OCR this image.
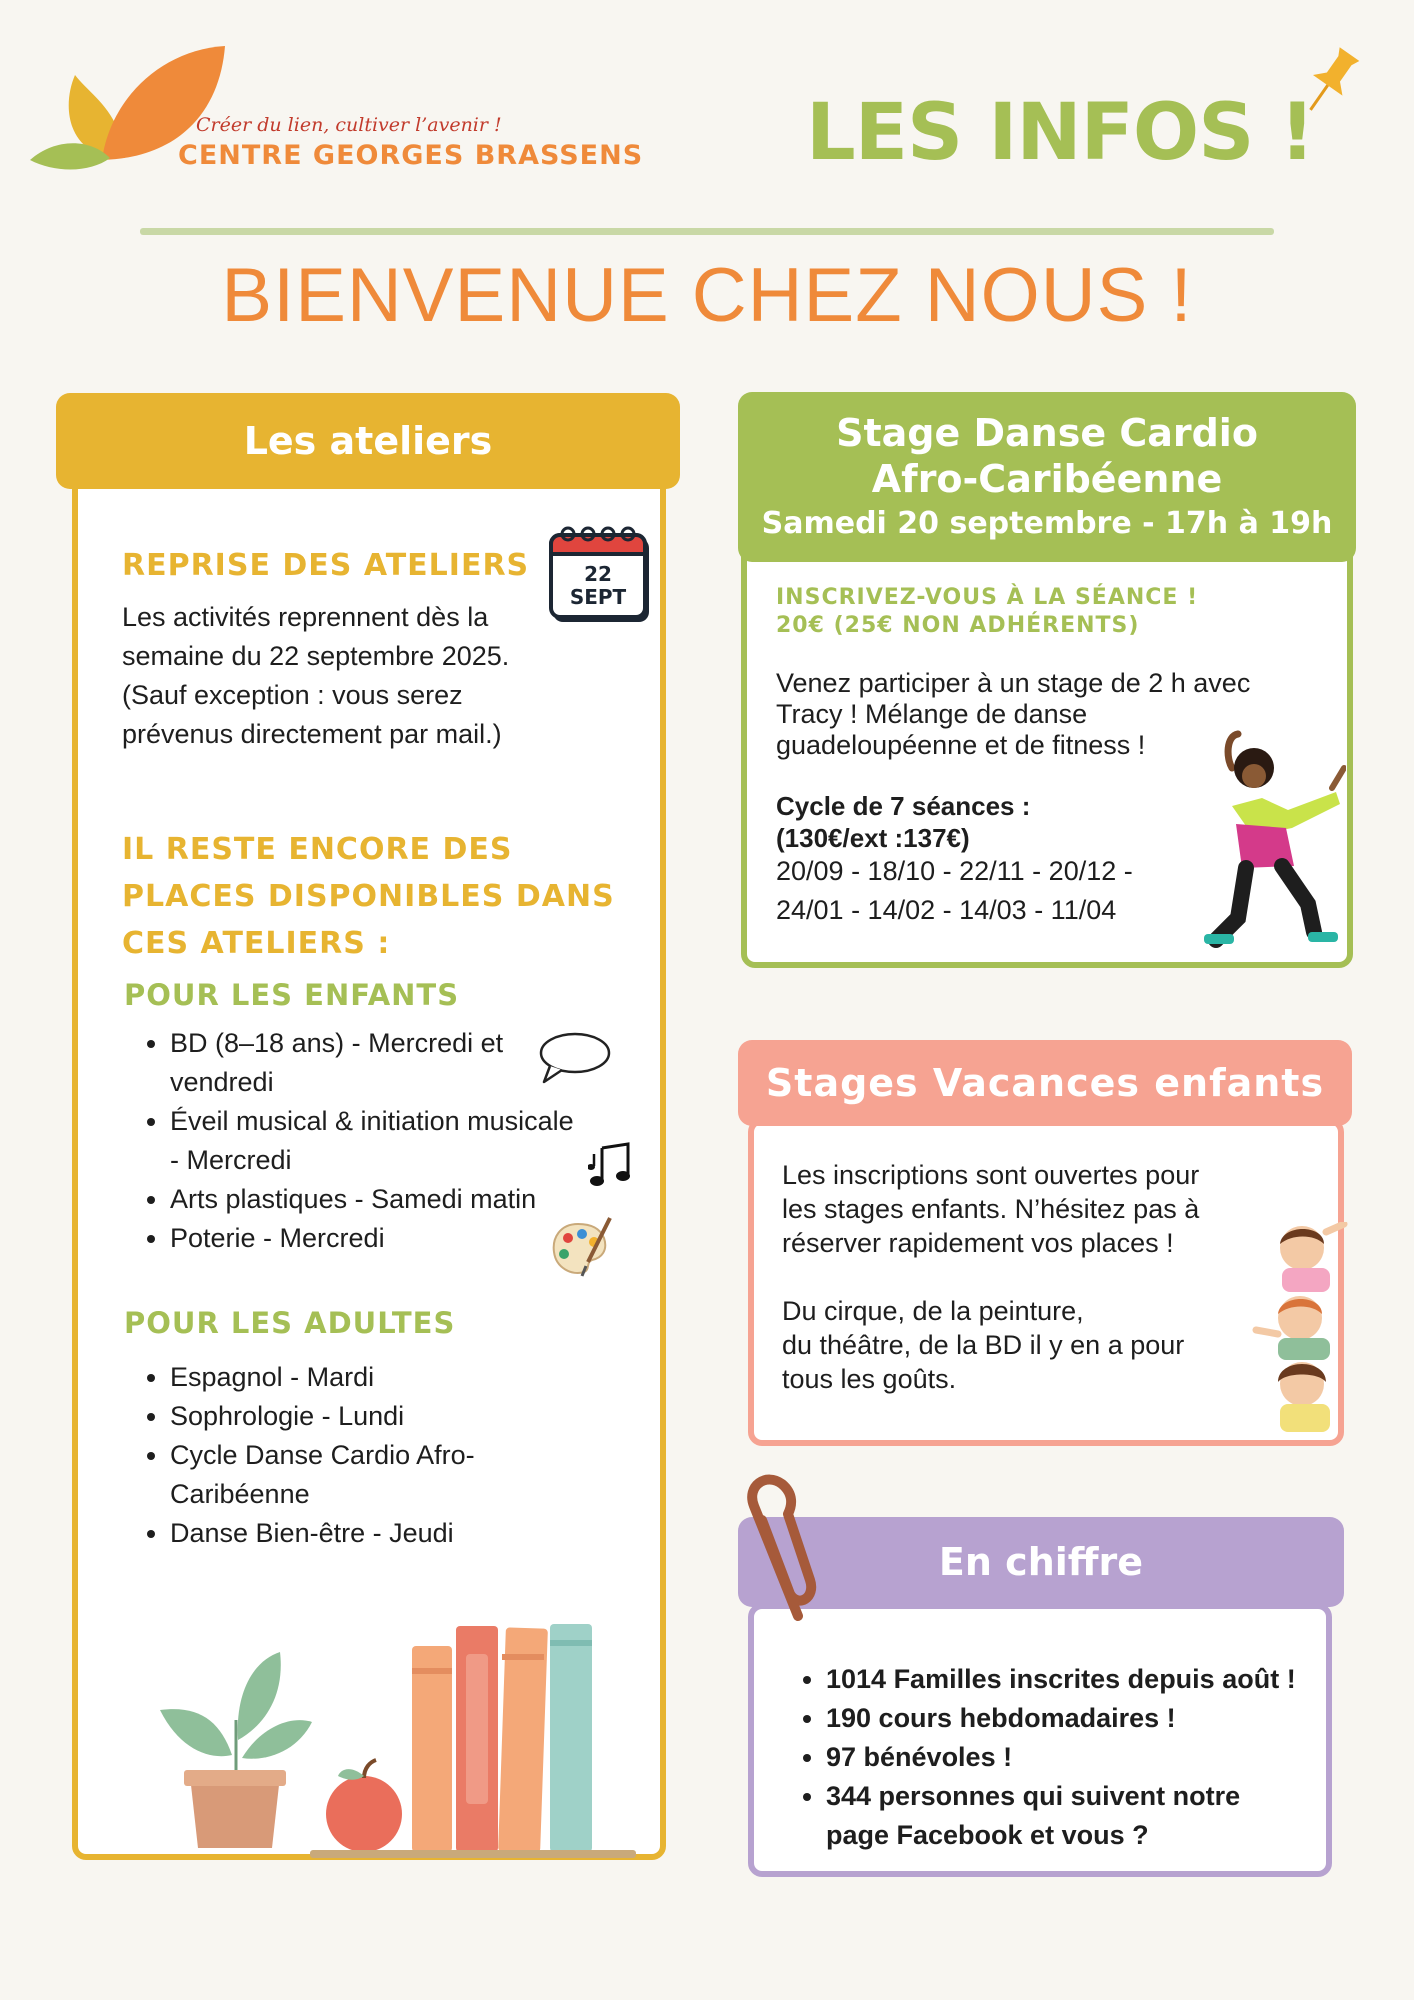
Créer du lien, cultiver l’avenir !
CENTRE GEORGES BRASSENS LES INFOS !
BIENVENUE CHEZ NOUS !
Les ateliers
REPRISE DES ATELIERS	22
SEPT
Les activités reprennent dès la
semaine du 22 septembre 2025.
(Sauf exception : vous serez
prévenus directement par mail.)
IL RESTE ENCORE DES
PLACES DISPONIBLES DANS
CES ATELIERS :
POUR LES ENFANTS
• BD (8–18 ans) - Mercredi et
vendredi
• Éveil musical & initiation musicale
- Mercredi
• Arts plastiques - Samedi matin
• Poterie - Mercredi
POUR LES ADULTES
• Espagnol - Mardi
• Sophrologie - Lundi
• Cycle Danse Cardio Afro-
Caribéenne
• Danse Bien-être - Jeudi
Stage Danse Cardio
Afro-Caribéenne
Samedi 20 septembre - 17h à 19h
INSCRIVEZ-VOUS À LA SÉANCE !
20€ (25€ NON ADHÉRENTS)
Venez participer à un stage de 2 h avec
Tracy ! Mélange de danse
guadeloupéenne et de fitness !
Cycle de 7 séances :
(130€/ext :137€)
20/09 - 18/10 - 22/11 - 20/12 -
24/01 - 14/02 - 14/03 - 11/04
Stages Vacances enfants
Les inscriptions sont ouvertes pour
les stages enfants. N’hésitez pas à
réserver rapidement vos places !
Du cirque, de la peinture,
du théâtre, de la BD il y en a pour
tous les goûts.
En chiffre
• 1014 Familles inscrites depuis août !
• 190 cours hebdomadaires !
• 97 bénévoles !
• 344 personnes qui suivent notre
page Facebook et vous ?
